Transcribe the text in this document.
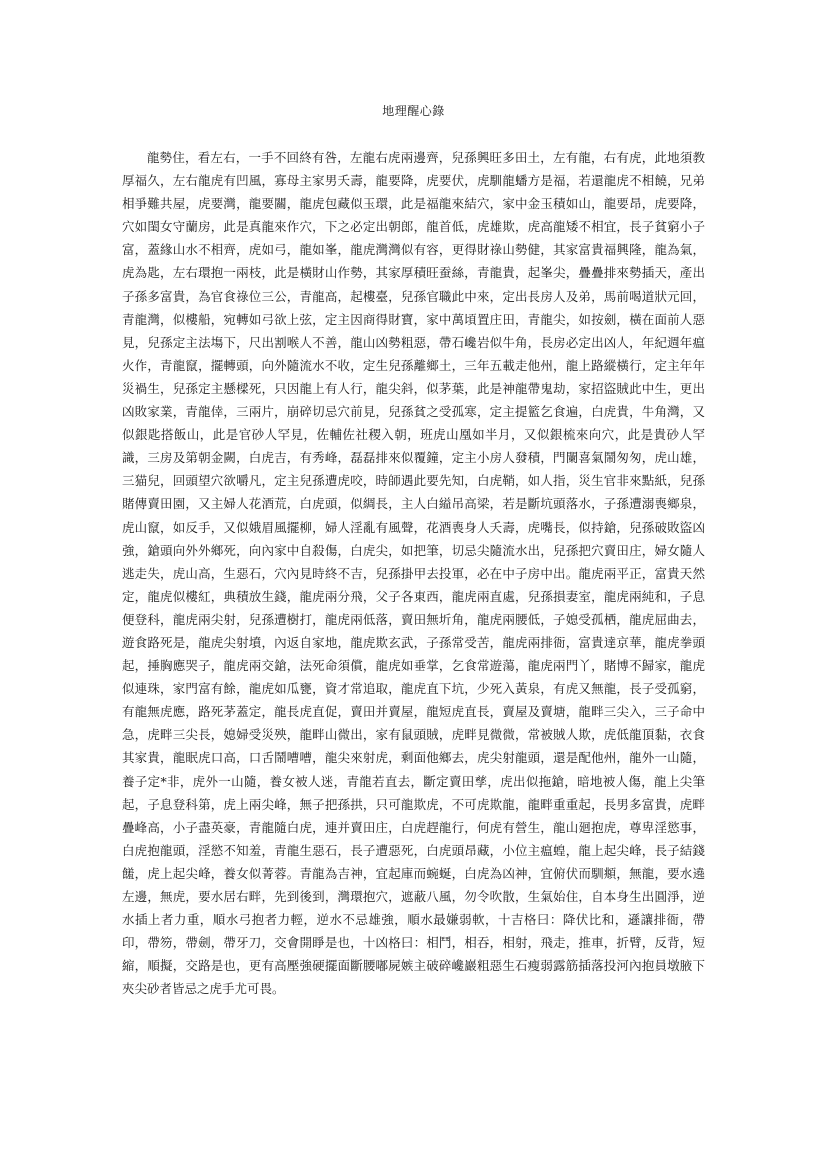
地理醒心錄

龍勢住，看左右，一手不回終有咎，左龍右虎兩邊齊，兒孫興旺多田土，左有龍，右有虎，此地須教厚福久，左右龍虎有凹風，寡母主家男夭壽，龍要降，虎要伏，虎馴龍蟠方是福，若還龍虎不相饒，兄弟相爭難共屋，虎要灣，龍要關，龍虎包藏似玉環，此是福龍來結穴，家中金玉積如山，龍要昂，虎要降，穴如閨女守蘭房，此是真龍來作穴，下之必定出朝郎，龍首低，虎雄欺，虎高龍矮不相宜，長子貧窮小子富，蓋緣山水不相齊，虎如弓，龍如峯，龍虎灣灣似有容，更得財祿山勢健，其家富貴福興隆，龍為氣，虎為匙，左右環抱一兩枝，此是橫財山作勢，其家厚積旺蚕絲，青龍貴，起峯尖，疊疊排來勢插天，產出子孫多富貴，為官食祿位三公，青龍高，起樓臺，兒孫官職此中來，定出長房人及弟，馬前喝道狀元回，青龍灣，似樓船，宛轉如弓欲上弦，定主因商得財寶，家中萬頃置庄田，青龍尖，如按劍，橫在面前人惡見，兒孫定主法塲下，尺出割喉人不善，龍山凶勢粗惡，帶石巉岩似牛角，長房必定出凶人，年紀週年瘟火作，青龍竄，擺轉頭，向外隨流水不收，定生兒孫離鄉土，三年五載走他州，龍上路縱橫行，定主年年災禍生，兒孫定主懸樑死，只因龍上有人行，龍尖斜，似茅葉，此是神龍帶鬼劫，家招盜賊此中生，更出凶敗家業，青龍倖，三兩片，崩碎切忌穴前見，兒孫貧之受孤寒，定主提籃乞食遍，白虎貴，牛角灣，又似銀匙搭飯山，此是官砂人罕見，佐輔佐社稷入朝，班虎山凰如半月，又似銀梳來向穴，此是貴砂人罕識，三房及第朝金闕，白虎吉，有秀峰，磊磊排來似覆鐘，定主小房人發積，門闌喜氣鬧匆匆，虎山雄，三猫兒，回頭望穴欲嚼凡，定主兒孫遭虎咬，時師遇此要先知，白虎鞘，如人指，災生官非來點紙，兒孫賭傳賣田園，又主婦人花酒荒，白虎頭，似綢長，主人白縊吊高梁，若是斷坑頭落水，子孫遭溺喪鄉泉，虎山竄，如反手，又似娥眉風擺柳，婦人淫亂有風聲，花酒喪身人夭壽，虎嘴長，似持鎗，兒孫破敗盜凶強，鎗頭向外外鄉死，向內家中自殺傷，白虎尖，如把筆，切忌尖隨流水出，兒孫把穴賣田庄，婦女隨人逃走失，虎山高，生惡石，穴內見時終不吉，兒孫掛甲去投軍，必在中子房中出。龍虎兩平正，富貴天然定，龍虎似樓紅，典積放生錢，龍虎兩分飛，父子各東西，龍虎兩直處，兒孫損妻室，龍虎兩純和，子息便登科，龍虎兩尖射，兒孫遭樹打，龍虎兩低落，賣田無圻角，龍虎兩腰低，子媳受孤栖，龍虎屈曲去，遊食路死是，龍虎尖射墳，內返自家地，龍虎欺玄武，子孫常受苦，龍虎兩排衙，富貴達京華，龍虎拳頭起，捶胸應哭子，龍虎兩交鎗，法死命須償，龍虎如垂掌，乞食常遊蕩，龍虎兩門丫，賭博不歸家，龍虎似連珠，家門富有餘，龍虎如瓜甕，資才常追取，龍虎直下坑，少死入黃泉，有虎又無龍，長子受孤窮，有龍無虎應，路死茅蓋定，龍長虎直促，賣田并賣屋，龍短虎直長，賣屋及賣塘，龍畔三尖入，三子命中急，虎畔三尖長，媳婦受災殃，龍畔山微出，家有鼠頭賊，虎畔見微微，常被賊人欺，虎低龍頂黏，衣食其家貴，龍眠虎口高，口舌鬧嘈嘈，龍尖來射虎，剩面他鄉去，虎尖射龍頭，還是配他州，龍外一山隨，養子定*非，虎外一山隨，養女被人迷，青龍若直去，斷定賣田孳，虎出似拖鎗，暗地被人傷，龍上尖筆起，子息登科第，虎上兩尖峰，無子把孫拱，只可龍欺虎，不可虎欺龍，龍畔重重起，長男多富貴，虎畔疊峰高，小子盡英豪，青龍隨白虎，連并賣田庄，白虎趕龍行，何虎有營生，龍山廻抱虎，尊卑淫慾事，白虎抱龍頭，淫慾不知羞，青龍生惡石，長子遭惡死，白虎頭昂藏，小位主瘟蝗，龍上起尖峰，長子結錢饈，虎上起尖峰，養女似菁蓉。青龍為吉神，宜起庫而蜿蜒，白虎為凶神，宜俯伏而馴頫，無龍，要水遶左邊，無虎，要水居右畔，先到後到，灣環抱穴，遮蔽八風，勿令吹散，生氣始住，自本身生出圓淨，逆水插上者力重，順水弓抱者力輕，逆水不忌雄強，順水最嫌弱軟，十吉格曰：降伏比和，遜讓排衙，帶印，帶笏，帶劍，帶牙刀，交會開睜是也，十凶格曰：相鬥，相吞，相射，飛走，推車，折臂，反背，短縮，順擬，交路是也，更有高壓強硬擺面斷腰嘟屍嫉主破碎巉巖粗惡生石瘦弱露筋插落投河內抱員墩腋下夾尖砂者皆忌之虎手尤可畏。
